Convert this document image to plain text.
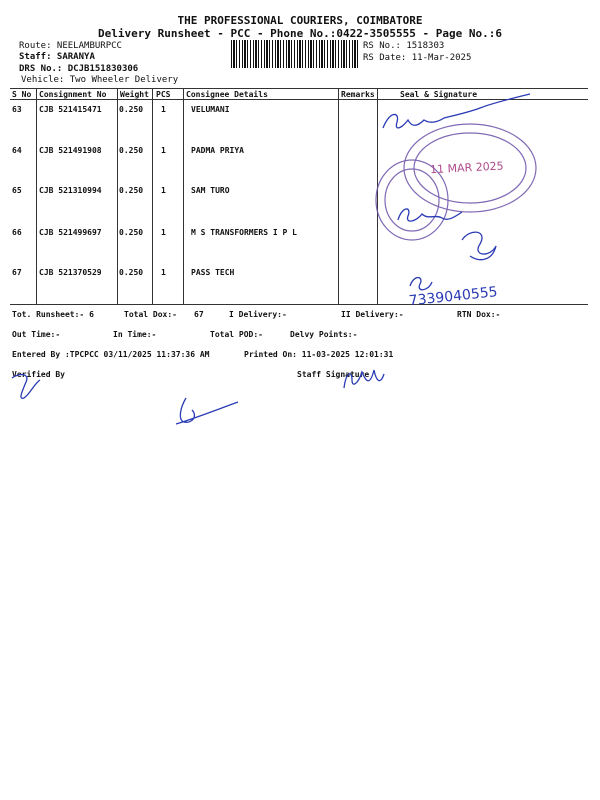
THE PROFESSIONAL COURIERS, COIMBATORE
Delivery Runsheet - PCC - Phone No.:0422-3505555 - Page No.:6
Route: NEELAMBURPCC
Staff: SARANYA
DRS No.: DCJB151830306
Vehicle: Two Wheeler Delivery
RS No.: 1518303
RS Date: 11-Mar-2025
S No Consignment No Weight PCS Consignee Details	Remarks	Seal & Signature
63 CJB 521415471 0.250 1	VELUMANI
64 CJB 521491908 0.250 1	PADMA PRIYA
65 CJB 521310994 0.250 1	SAM TURO
66 CJB 521499697 0.250 1	M S TRANSFORMERS I P L
67 CJB 521370529 0.250 1	PASS TECH
Tot. Runsheet:- 6	Total Dox:- 67	I Delivery:-	II Delivery:-	RTN Dox:-
Out Time:-	In Time:-	Total POD:-	Delvy Points:-
Entered By :TPCPCC 03/11/2025 11:37:36 AM	Printed On: 11-03-2025 12:01:31
Verified By	Staff Signature
11 MAR 2025
7339040555
